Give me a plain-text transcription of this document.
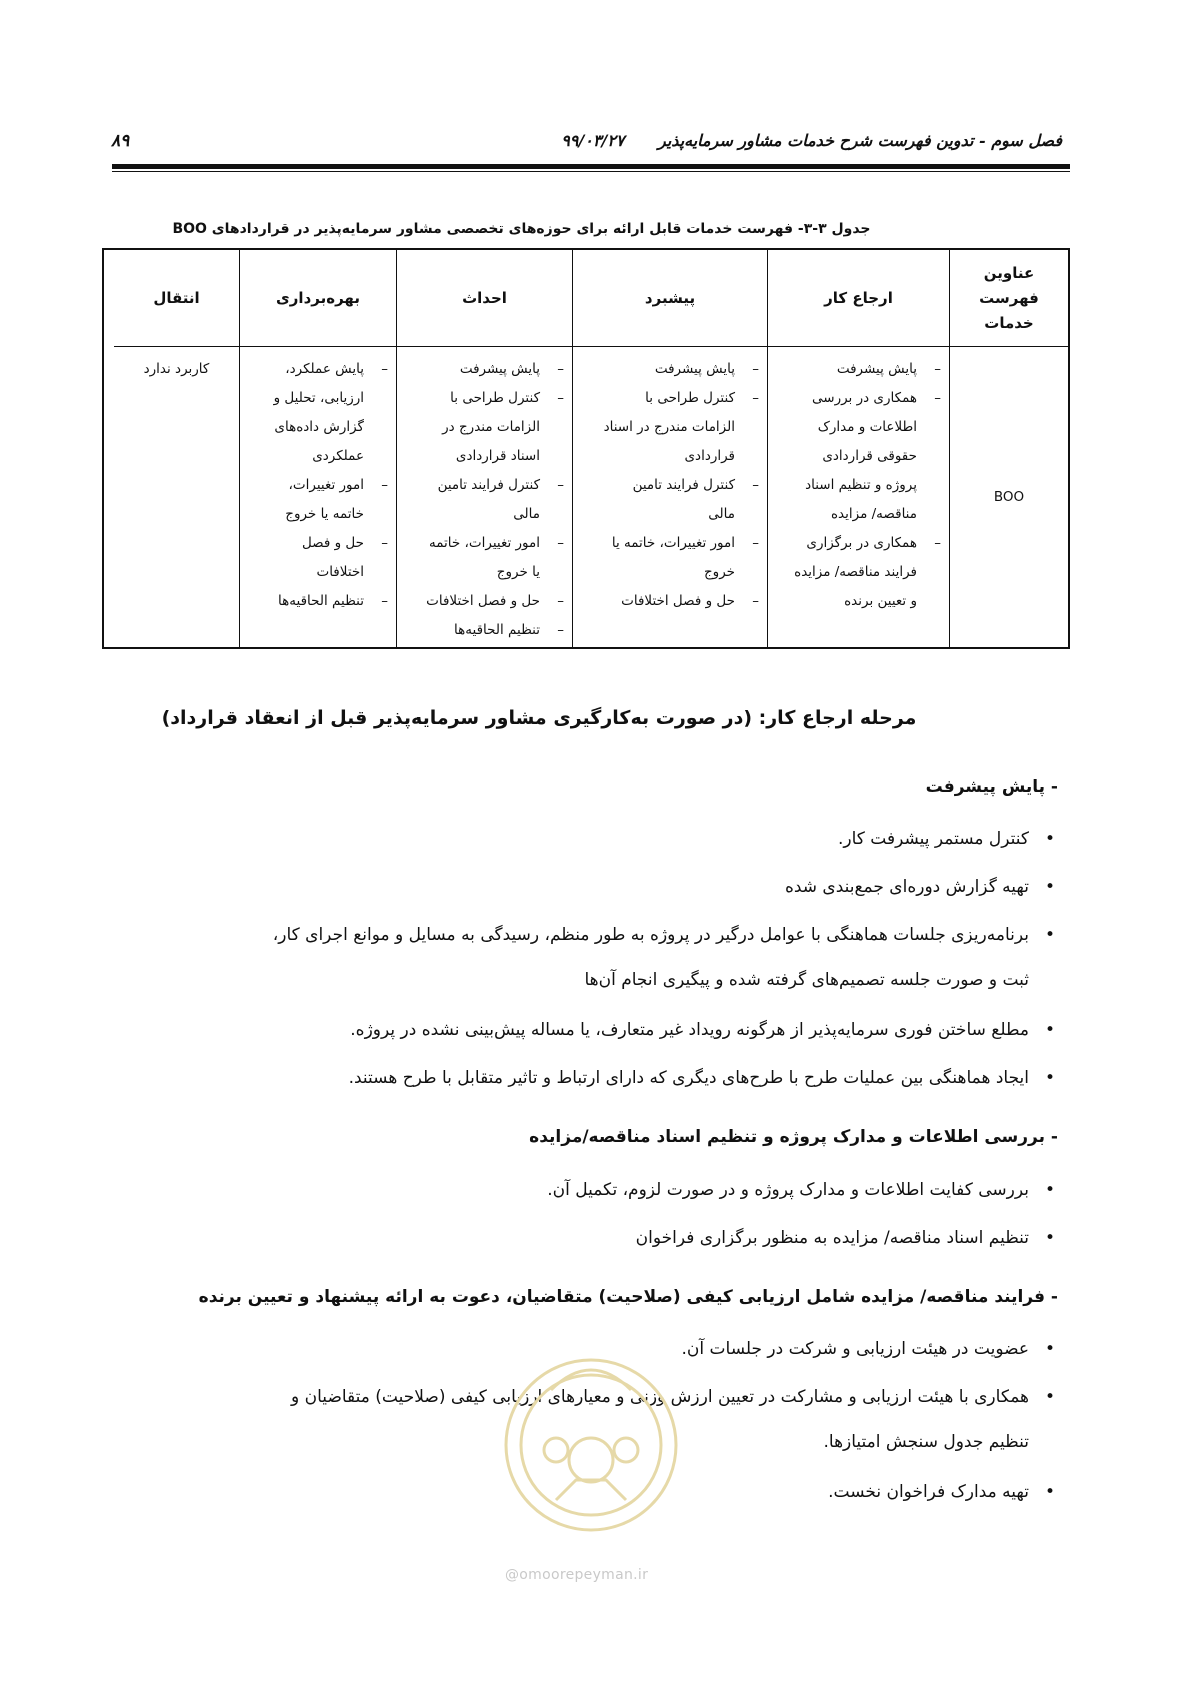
فصل سوم - تدوین فهرست شرح خدمات مشاور سرمایه‌پذیر ۹۹/۰۳/۲۷
۸۹
جدول ۳-۳- فهرست خدمات قابل ارائه برای حوزه‌های تخصصی مشاور سرمایه‌پذیر در قراردادهای BOO
عناوین
فهرست
خدمات
ارجاع کار
پیشبرد
احداث
بهره‌برداری
انتقال
BOO
–
پایش پیشرفت
–
همکاری در بررسی
اطلاعات و مدارک
حقوقی قراردادی
پروژه و تنظیم اسناد
مناقصه/ مزایده
–
همکاری در برگزاری
فرایند مناقصه/ مزایده
و تعیین برنده
–
پایش پیشرفت
–
کنترل طراحی با
الزامات مندرج در اسناد
قراردادی
–
کنترل فرایند تامین
مالی
–
امور تغییرات، خاتمه یا
خروج
–
حل و فصل اختلافات
–
پایش پیشرفت
–
کنترل طراحی با
الزامات مندرج در
اسناد قراردادی
–
کنترل فرایند تامین
مالی
–
امور تغییرات، خاتمه
یا خروج
–
حل و فصل اختلافات
–
تنظیم الحاقیه‌ها
–
پایش عملکرد،
ارزیابی، تحلیل و
گزارش داده‌های
عملکردی
–
امور تغییرات،
خاتمه یا خروج
–
حل و فصل
اختلافات
–
تنظیم الحاقیه‌ها
کاربرد ندارد
مرحله ارجاع کار: (در صورت به‌کارگیری مشاور سرمایه‌پذیر قبل از انعقاد قرارداد)
- پایش پیشرفت
•
کنترل مستمر پیشرفت کار.
•
تهیه گزارش دوره‌ای جمع‌بندی شده
•
برنامه‌ریزی جلسات هماهنگی با عوامل درگیر در پروژه به طور منظم، رسیدگی به مسایل و موانع اجرای کار،
ثبت و صورت جلسه تصمیم‌های گرفته شده و پیگیری انجام آن‌ها
•
مطلع ساختن فوری سرمایه‌پذیر از هرگونه رویداد غیر متعارف، یا مساله پیش‌بینی نشده در پروژه.
•
ایجاد هماهنگی بین عملیات طرح با طرح‌های دیگری که دارای ارتباط و تاثیر متقابل با طرح هستند.
- بررسی اطلاعات و مدارک پروژه و تنظیم اسناد مناقصه/مزایده
•
بررسی کفایت اطلاعات و مدارک پروژه و در صورت لزوم، تکمیل آن.
•
تنظیم اسناد مناقصه/ مزایده به منظور برگزاری فراخوان
- فرایند مناقصه/ مزایده شامل ارزیابی کیفی (صلاحیت) متقاضیان، دعوت به ارائه پیشنهاد و تعیین برنده
•
عضویت در هیئت ارزیابی و شرکت در جلسات آن.
•
همکاری با هیئت ارزیابی و مشارکت در تعیین ارزش وزنی و معیارهای ارزیابی کیفی (صلاحیت) متقاضیان و
تنظیم جدول سنجش امتیازها.
•
تهیه مدارک فراخوان نخست.
@omoorepeyman.ir
